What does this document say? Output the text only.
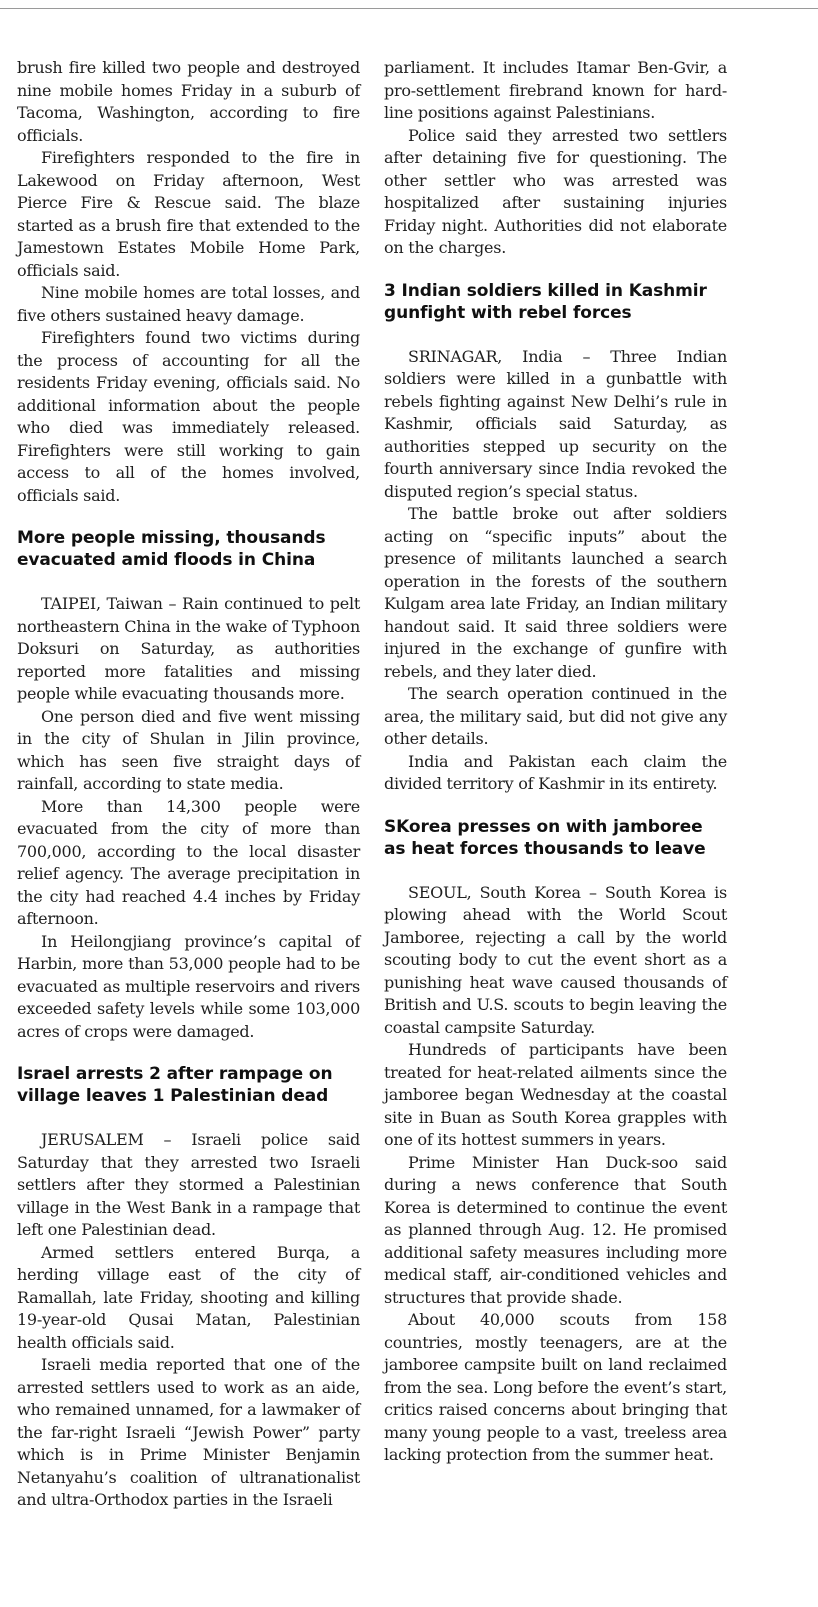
brush fire killed two people and destroyed nine mobile homes Friday in a suburb of Tacoma, Washington, according to fire officials.

Firefighters responded to the fire in Lakewood on Friday afternoon, West Pierce Fire & Rescue said. The blaze started as a brush fire that extended to the Jamestown Estates Mobile Home Park, officials said.

Nine mobile homes are total losses, and five others sustained heavy damage.

Firefighters found two victims during the process of accounting for all the residents Friday evening, officials said. No additional information about the people who died was immediately released. Firefighters were still working to gain access to all of the homes involved, officials said.

More people missing, thousands evacuated amid floods in China

TAIPEI, Taiwan – Rain continued to pelt northeastern China in the wake of Typhoon Doksuri on Saturday, as authorities reported more fatalities and missing people while evacuating thousands more.

One person died and five went missing in the city of Shulan in Jilin province, which has seen five straight days of rainfall, according to state media.

More than 14,300 people were evacuated from the city of more than 700,000, according to the local disaster relief agency. The average precipitation in the city had reached 4.4 inches by Friday afternoon.

In Heilongjiang province’s capital of Harbin, more than 53,000 people had to be evacuated as multiple reservoirs and rivers exceeded safety levels while some 103,000 acres of crops were damaged.

Israel arrests 2 after rampage on village leaves 1 Palestinian dead

JERUSALEM – Israeli police said Saturday that they arrested two Israeli settlers after they stormed a Palestinian village in the West Bank in a rampage that left one Palestinian dead.

Armed settlers entered Burqa, a herding village east of the city of Ramallah, late Friday, shooting and killing 19-year-old Qusai Matan, Palestinian health officials said.

Israeli media reported that one of the arrested settlers used to work as an aide, who remained unnamed, for a lawmaker of the far-right Israeli “Jewish Power” party which is in Prime Minister Benjamin Netanyahu’s coalition of ultranationalist and ultra-Orthodox parties in the Israeli

parliament. It includes Itamar Ben-Gvir, a pro-settlement firebrand known for hard-line positions against Palestinians.

Police said they arrested two settlers after detaining five for questioning. The other settler who was arrested was hospitalized after sustaining injuries Friday night. Authorities did not elaborate on the charges.

3 Indian soldiers killed in Kashmir gunfight with rebel forces

SRINAGAR, India – Three Indian soldiers were killed in a gunbattle with rebels fighting against New Delhi’s rule in Kashmir, officials said Saturday, as authorities stepped up security on the fourth anniversary since India revoked the disputed region’s special status.

The battle broke out after soldiers acting on “specific inputs” about the presence of militants launched a search operation in the forests of the southern Kulgam area late Friday, an Indian military handout said. It said three soldiers were injured in the exchange of gunfire with rebels, and they later died.

The search operation continued in the area, the military said, but did not give any other details.

India and Pakistan each claim the divided territory of Kashmir in its entirety.

SKorea presses on with jamboree as heat forces thousands to leave

SEOUL, South Korea – South Korea is plowing ahead with the World Scout Jamboree, rejecting a call by the world scouting body to cut the event short as a punishing heat wave caused thousands of British and U.S. scouts to begin leaving the coastal campsite Saturday.

Hundreds of participants have been treated for heat-related ailments since the jamboree began Wednesday at the coastal site in Buan as South Korea grapples with one of its hottest summers in years.

Prime Minister Han Duck-soo said during a news conference that South Korea is determined to continue the event as planned through Aug. 12. He promised additional safety measures including more medical staff, air-conditioned vehicles and structures that provide shade.

About 40,000 scouts from 158 countries, mostly teenagers, are at the jamboree campsite built on land reclaimed from the sea. Long before the event’s start, critics raised concerns about bringing that many young people to a vast, treeless area lacking protection from the summer heat.
